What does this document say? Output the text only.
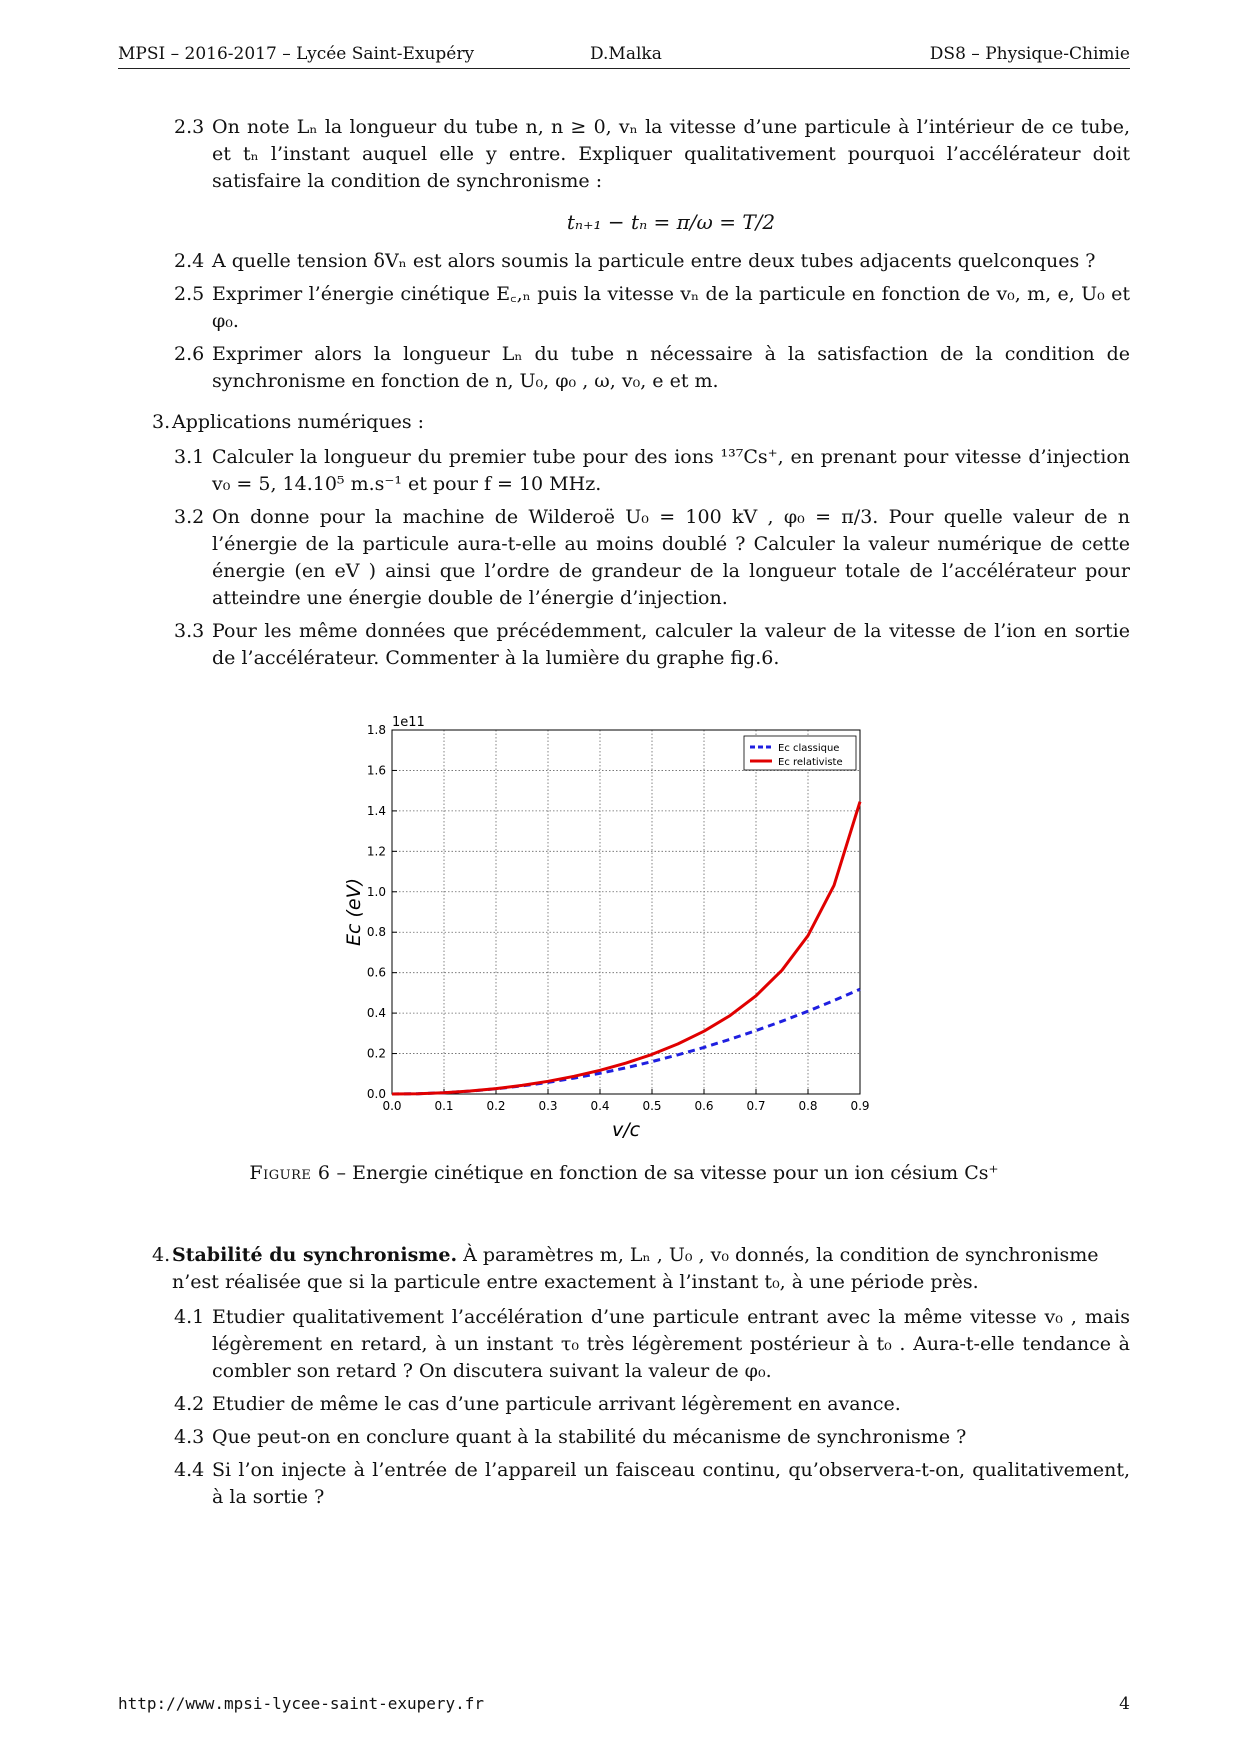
MPSI – 2016-2017 – Lycée Saint-Exupéry	D.Malka	DS8 – Physique-Chimie
2.3 On note Lₙ la longueur du tube n, n ≥ 0, vₙ la vitesse d’une particule à l’intérieur de ce tube, et tₙ l’instant auquel elle y entre. Expliquer qualitativement pourquoi l’accélérateur doit satisfaire la condition de synchronisme :
tₙ₊₁ − tₙ = π/ω = T/2
2.4 A quelle tension δVₙ est alors soumis la particule entre deux tubes adjacents quelconques ?
2.5 Exprimer l’énergie cinétique E꜀,ₙ puis la vitesse vₙ de la particule en fonction de v₀, m, e, U₀ et φ₀.
2.6 Exprimer alors la longueur Lₙ du tube n nécessaire à la satisfaction de la condition de synchronisme en fonction de n, U₀, φ₀ , ω, v₀, e et m.
3. Applications numériques :
3.1 Calculer la longueur du premier tube pour des ions ¹³⁷Cs⁺, en prenant pour vitesse d’injection v₀ = 5, 14.10⁵ m.s⁻¹ et pour f = 10 MHz.
3.2 On donne pour la machine de Wilderoë U₀ = 100 kV , φ₀ = π/3. Pour quelle valeur de n l’énergie de la particule aura-t-elle au moins doublé ? Calculer la valeur numérique de cette énergie (en eV ) ainsi que l’ordre de grandeur de la longueur totale de l’accélérateur pour atteindre une énergie double de l’énergie d’injection.
3.3 Pour les même données que précédemment, calculer la valeur de la vitesse de l’ion en sortie de l’accélérateur. Commenter à la lumière du graphe fig.6.
0.0	0.1	0.2	0.3	0.4	0.5	0.6	0.7	0.8	0.9
0.0
0.2
0.4
0.6
0.8
1.0
1.2
1.4
1.6
1.8 1e11
v/c
Ec (eV)
Ec classique
Ec relativiste
Figure 6 – Energie cinétique en fonction de sa vitesse pour un ion césium Cs⁺
4. Stabilité du synchronisme. À paramètres m, Lₙ , U₀ , v₀ donnés, la condition de synchronisme n’est réalisée que si la particule entre exactement à l’instant t₀, à une période près.
4.1 Etudier qualitativement l’accélération d’une particule entrant avec la même vitesse v₀ , mais légèrement en retard, à un instant τ₀ très légèrement postérieur à t₀ . Aura-t-elle tendance à combler son retard ? On discutera suivant la valeur de φ₀.
4.2 Etudier de même le cas d’une particule arrivant légèrement en avance.
4.3 Que peut-on en conclure quant à la stabilité du mécanisme de synchronisme ?
4.4 Si l’on injecte à l’entrée de l’appareil un faisceau continu, qu’observera-t-on, qualitativement, à la sortie ?
http://www.mpsi-lycee-saint-exupery.fr	4
